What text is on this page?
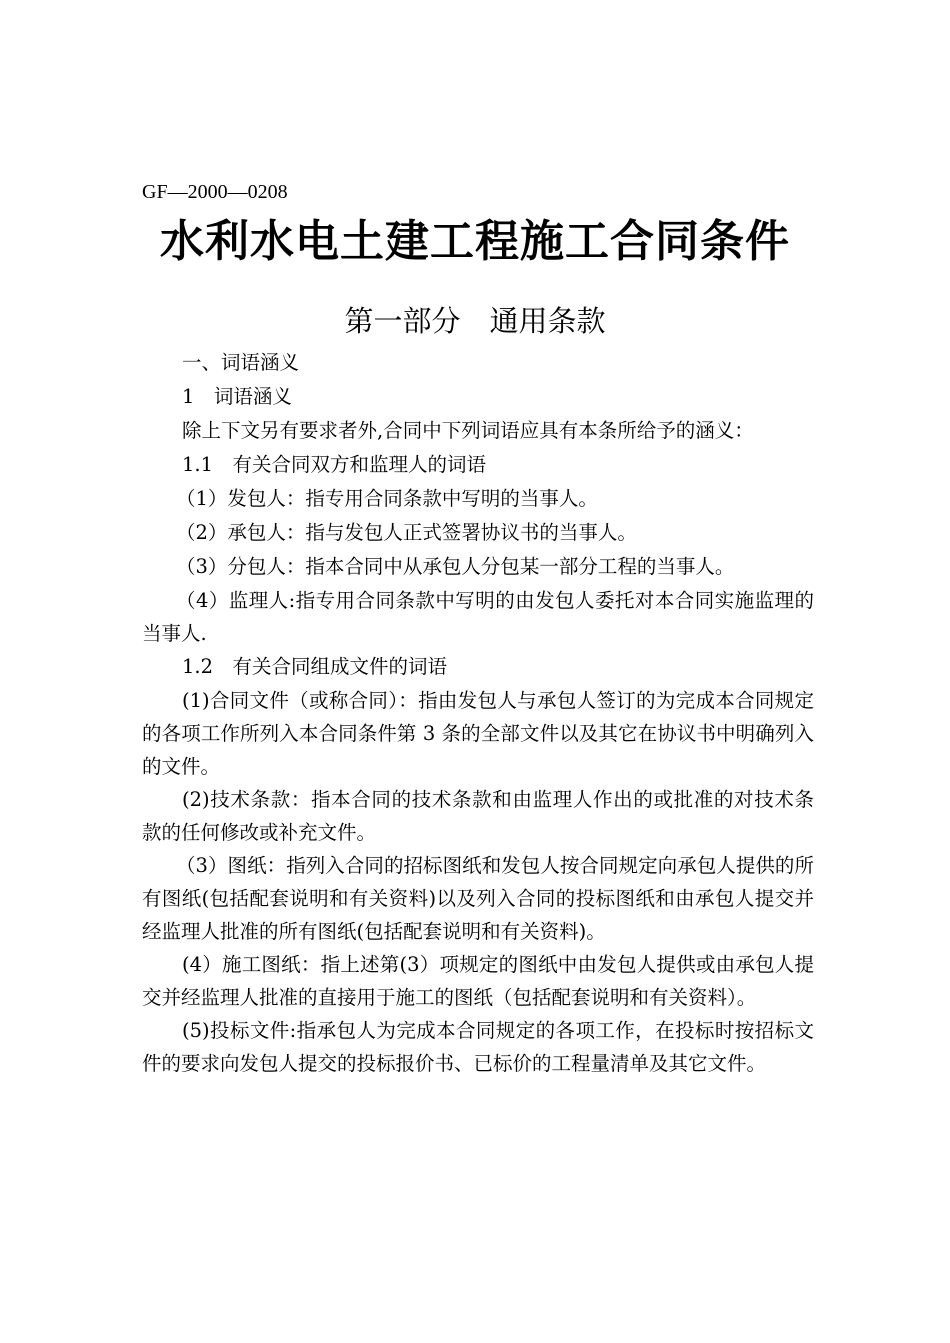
GF—2000—0208
水利水电土建工程施工合同条件
第一部分　通用条款

一、词语涵义

1　词语涵义

除上下文另有要求者外,合同中下列词语应具有本条所给予的涵义：

1.1　有关合同双方和监理人的词语

（1）发包人：指专用合同条款中写明的当事人。

（2）承包人：指与发包人正式签署协议书的当事人。

（3）分包人：指本合同中从承包人分包某一部分工程的当事人。

（4）监理人:指专用合同条款中写明的由发包人委托对本合同实施监理的当事人.

1.2　有关合同组成文件的词语

(1)合同文件（或称合同）：指由发包人与承包人签订的为完成本合同规定的各项工作所列入本合同条件第 3 条的全部文件以及其它在协议书中明确列入的文件。

(2)技术条款：指本合同的技术条款和由监理人作出的或批准的对技术条款的任何修改或补充文件。

（3）图纸：指列入合同的招标图纸和发包人按合同规定向承包人提供的所有图纸(包括配套说明和有关资料)以及列入合同的投标图纸和由承包人提交并经监理人批准的所有图纸(包括配套说明和有关资料)。

(4）施工图纸：指上述第(3）项规定的图纸中由发包人提供或由承包人提交并经监理人批准的直接用于施工的图纸（包括配套说明和有关资料）。

(5)投标文件:指承包人为完成本合同规定的各项工作，在投标时按招标文件的要求向发包人提交的投标报价书、已标价的工程量清单及其它文件。
